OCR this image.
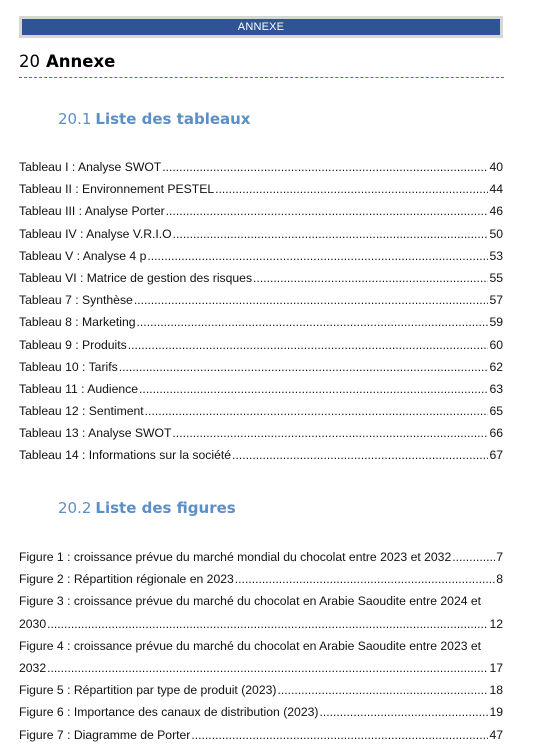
ANNEXE
20 Annexe
20.1 Liste des tableaux
Tableau I : Analyse SWOT .....	40
Tableau II : Environnement PESTEL .....	44
Tableau III : Analyse Porter .....	46
Tableau IV : Analyse V.R.I.O .....	50
Tableau V : Analyse 4 p .....	53
Tableau VI : Matrice de gestion des risques .....	55
Tableau 7 : Synthèse .....	57
Tableau 8 : Marketing .....	59
Tableau 9 : Produits .....	60
Tableau 10 : Tarifs .....	62
Tableau 11 : Audience .....	63
Tableau 12 : Sentiment .....	65
Tableau 13 : Analyse SWOT .....	66
Tableau 14 : Informations sur la société .....	67
20.2 Liste des figures
Figure 1 : croissance prévue du marché mondial du chocolat entre 2023 et 2032 .....	7
Figure 2 : Répartition régionale en 2023 .....	8
Figure 3 : croissance prévue du marché du chocolat en Arabie Saoudite entre 2024 et
2030 .....	12
Figure 4 : croissance prévue du marché du chocolat en Arabie Saoudite entre 2023 et
2032 .....	17
Figure 5 : Répartition par type de produit (2023) .....	18
Figure 6 : Importance des canaux de distribution (2023) .....	19
Figure 7 : Diagramme de Porter .....	47
